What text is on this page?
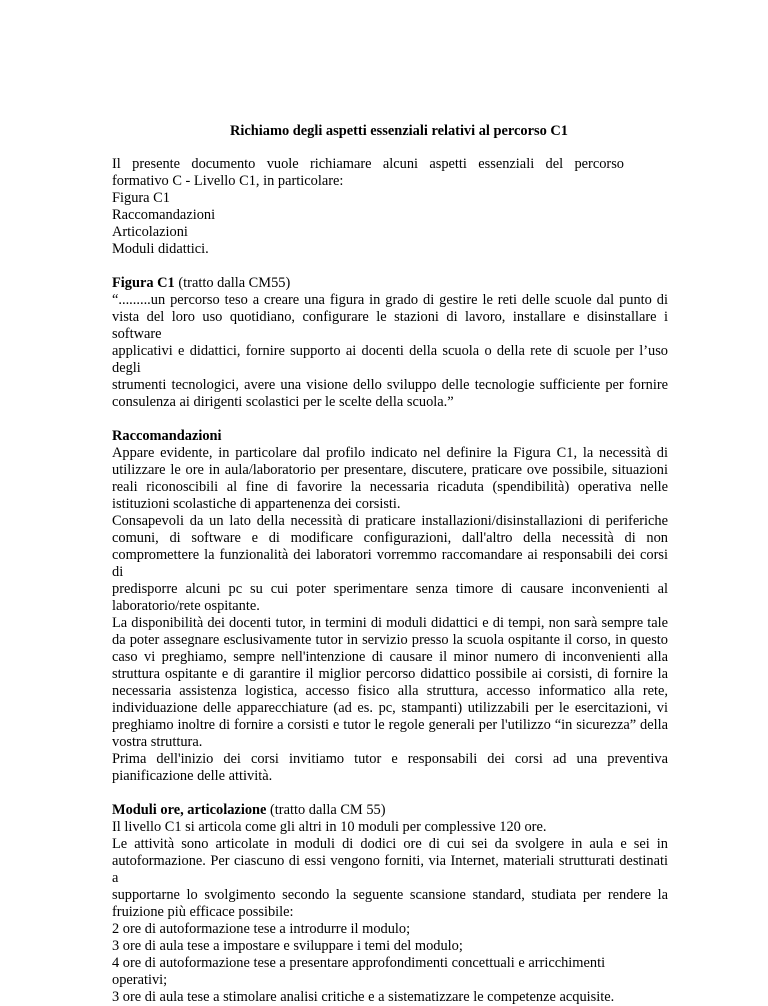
Richiamo degli aspetti essenziali relativi al percorso C1
Il presente documento vuole richiamare alcuni aspetti essenziali del percorso
formativo C - Livello C1, in particolare:
Figura C1
Raccomandazioni
Articolazioni
Moduli didattici.
Figura C1 (tratto dalla CM55)
“.........un percorso teso a creare una figura in grado di gestire le reti delle scuole dal punto di
vista del loro uso quotidiano, configurare le stazioni di lavoro, installare e disinstallare i software
applicativi e didattici, fornire supporto ai docenti della scuola o della rete di scuole per l’uso degli
strumenti tecnologici, avere una visione dello sviluppo delle tecnologie sufficiente per fornire
consulenza ai dirigenti scolastici per le scelte della scuola.”
Raccomandazioni
Appare evidente, in particolare dal profilo indicato nel definire la Figura C1, la necessità di
utilizzare le ore in aula/laboratorio per presentare, discutere, praticare ove possibile, situazioni
reali riconoscibili al fine di favorire la necessaria ricaduta (spendibilità) operativa nelle
istituzioni scolastiche di appartenenza dei corsisti.
Consapevoli da un lato della necessità di praticare installazioni/disinstallazioni di periferiche
comuni, di software e di modificare configurazioni, dall'altro della necessità di non
compromettere la funzionalità dei laboratori vorremmo raccomandare ai responsabili dei corsi di
predisporre alcuni pc su cui poter sperimentare senza timore di causare inconvenienti al
laboratorio/rete ospitante.
La disponibilità dei docenti tutor, in termini di moduli didattici e di tempi, non sarà sempre tale
da poter assegnare esclusivamente tutor in servizio presso la scuola ospitante il corso, in questo
caso vi preghiamo, sempre nell'intenzione di causare il minor numero di inconvenienti alla
struttura ospitante e di garantire il miglior percorso didattico possibile ai corsisti, di fornire la
necessaria assistenza logistica, accesso fisico alla struttura, accesso informatico alla rete,
individuazione delle apparecchiature (ad es. pc, stampanti) utilizzabili per le esercitazioni, vi
preghiamo inoltre di fornire a corsisti e tutor le regole generali per l'utilizzo “in sicurezza” della
vostra struttura.
Prima dell'inizio dei corsi invitiamo tutor e responsabili dei corsi ad una preventiva
pianificazione delle attività.
Moduli ore, articolazione (tratto dalla CM 55)
Il livello C1 si articola come gli altri in 10 moduli per complessive 120 ore.
Le attività sono articolate in moduli di dodici ore di cui sei da svolgere in aula e sei in
autoformazione. Per ciascuno di essi vengono forniti, via Internet, materiali strutturati destinati a
supportarne lo svolgimento secondo la seguente scansione standard, studiata per rendere la
fruizione più efficace possibile:
2 ore di autoformazione tese a introdurre il modulo;
3 ore di aula tese a impostare e sviluppare i temi del modulo;
4 ore di autoformazione tese a presentare approfondimenti concettuali e arricchimenti
operativi;
3 ore di aula tese a stimolare analisi critiche e a sistematizzare le competenze acquisite.
